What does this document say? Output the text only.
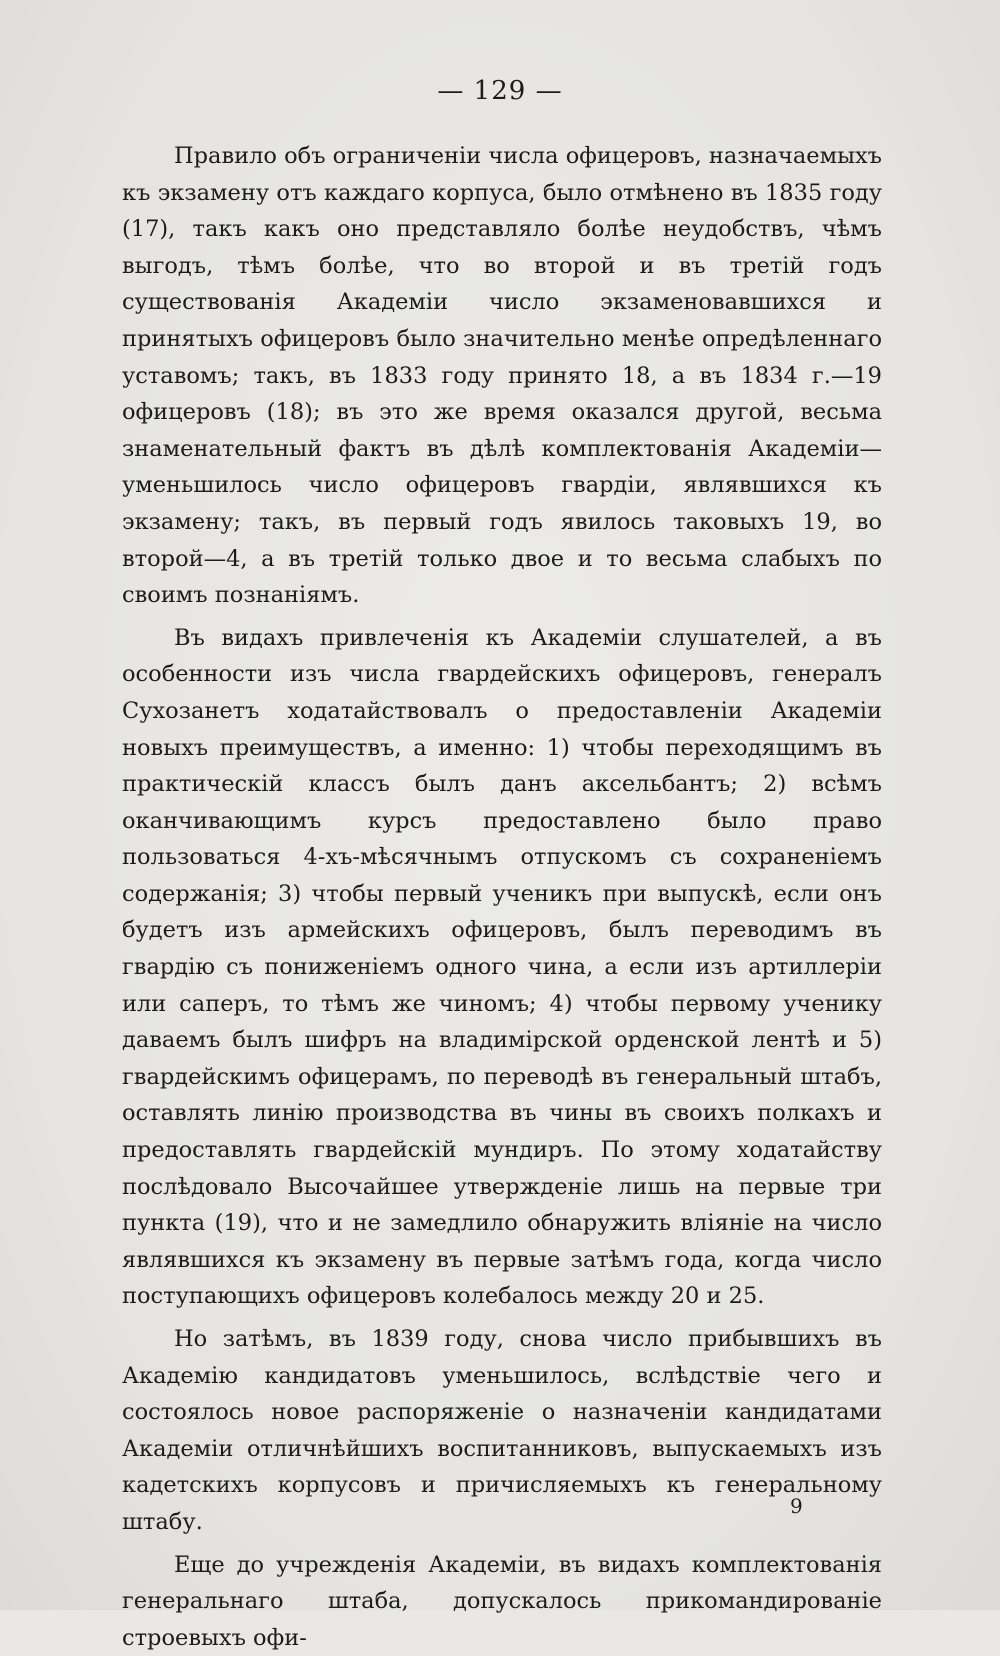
— 129 —

Правило объ ограниченіи числа офицеровъ, назначаемыхъ къ экзамену отъ каждаго корпуса, было отмѣнено въ 1835 году (17), такъ какъ оно представляло болѣе неудобствъ, чѣмъ выгодъ, тѣмъ болѣе, что во второй и въ третій годъ существованія Академіи число экзаменовавшихся и принятыхъ офицеровъ было значительно менѣе опредѣленнаго уставомъ; такъ, въ 1833 году принято 18, а въ 1834 г.—19 офицеровъ (18); въ это же время оказался другой, весьма знаменательный фактъ въ дѣлѣ комплектованія Академіи—уменьшилось число офицеровъ гвардіи, являвшихся къ экзамену; такъ, въ первый годъ явилось таковыхъ 19, во второй—4, а въ третій только двое и то весьма слабыхъ по своимъ познаніямъ.

Въ видахъ привлеченія къ Академіи слушателей, а въ особенности изъ числа гвардейскихъ офицеровъ, генералъ Сухозанетъ ходатайствовалъ о предоставленіи Академіи новыхъ преимуществъ, а именно: 1) чтобы переходящимъ въ практическій классъ былъ данъ аксельбантъ; 2) всѣмъ оканчивающимъ курсъ предоставлено было право пользоваться 4-хъ-мѣсячнымъ отпускомъ съ сохраненіемъ содержанія; 3) чтобы первый ученикъ при выпускѣ, если онъ будетъ изъ армейскихъ офицеровъ, былъ переводимъ въ гвардію съ пониженіемъ одного чина, а если изъ артиллеріи или саперъ, то тѣмъ же чиномъ; 4) чтобы первому ученику даваемъ былъ шифръ на владимірской орденской лентѣ и 5) гвардейскимъ офицерамъ, по переводѣ въ генеральный штабъ, оставлять линію производства въ чины въ своихъ полкахъ и предоставлять гвардейскій мундиръ. По этому ходатайству послѣдовало Высочайшее утвержденіе лишь на первые три пункта (19), что и не замедлило обнаружить вліяніе на число являвшихся къ экзамену въ первые затѣмъ года, когда число поступающихъ офицеровъ колебалось между 20 и 25.

Но затѣмъ, въ 1839 году, снова число прибывшихъ въ Академію кандидатовъ уменьшилось, вслѣдствіе чего и состоялось новое распоряженіе о назначеніи кандидатами Академіи отличнѣйшихъ воспитанниковъ, выпускаемыхъ изъ кадетскихъ корпусовъ и причисляемыхъ къ генеральному штабу.

Еще до учрежденія Академіи, въ видахъ комплектованія генеральнаго штаба, допускалось прикомандированіе строевыхъ офи-

9
